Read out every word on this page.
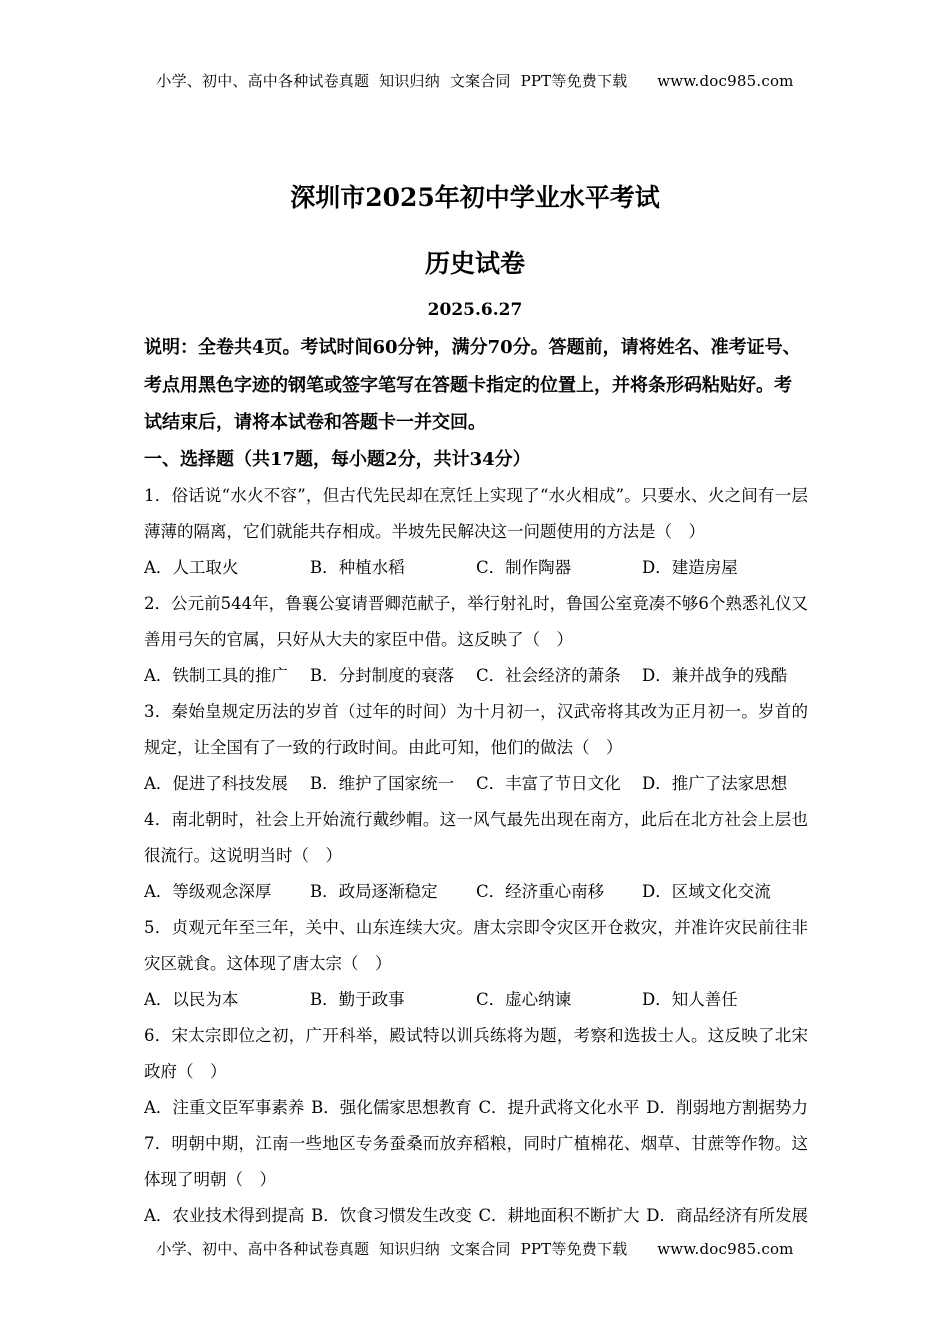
小学、初中、高中各种试卷真题  知识归纳  文案合同  PPT等免费下载      www.doc985.com
深圳市2025年初中学业水平考试
历史试卷
2025.6.27
说明：全卷共4页。考试时间60分钟，满分70分。答题前，请将姓名、准考证号、考点用黑色字迹的钢笔或签字笔写在答题卡指定的位置上，并将条形码粘贴好。考试结束后，请将本试卷和答题卡一并交回。
一、选择题（共17题，每小题2分，共计34分）
1．俗话说“水火不容”，但古代先民却在烹饪上实现了“水火相成”。只要水、火之间有一层薄薄的隔离，它们就能共存相成。半坡先民解决这一问题使用的方法是（　）
A．人工取火	B．种植水稻	C．制作陶器	D．建造房屋
2．公元前544年，鲁襄公宴请晋卿范献子，举行射礼时，鲁国公室竟凑不够6个熟悉礼仪又善用弓矢的官属，只好从大夫的家臣中借。这反映了（　）
A．铁制工具的推广	B．分封制度的衰落	C．社会经济的萧条	D．兼并战争的残酷
3．秦始皇规定历法的岁首（过年的时间）为十月初一，汉武帝将其改为正月初一。岁首的规定，让全国有了一致的行政时间。由此可知，他们的做法（　）
A．促进了科技发展	B．维护了国家统一	C．丰富了节日文化	D．推广了法家思想
4．南北朝时，社会上开始流行戴纱帽。这一风气最先出现在南方，此后在北方社会上层也很流行。这说明当时（　）
A．等级观念深厚	B．政局逐渐稳定	C．经济重心南移	D．区域文化交流
5．贞观元年至三年，关中、山东连续大灾。唐太宗即令灾区开仓救灾，并准许灾民前往非灾区就食。这体现了唐太宗（　）
A．以民为本	B．勤于政事	C．虚心纳谏	D．知人善任
6．宋太宗即位之初，广开科举，殿试特以训兵练将为题，考察和选拔士人。这反映了北宋政府（　）
A．注重文臣军事素养 B．强化儒家思想教育 C．提升武将文化水平 D．削弱地方割据势力
7．明朝中期，江南一些地区专务蚕桑而放弃稻粮，同时广植棉花、烟草、甘蔗等作物。这体现了明朝（　）
A．农业技术得到提高 B．饮食习惯发生改变 C．耕地面积不断扩大 D．商品经济有所发展
小学、初中、高中各种试卷真题  知识归纳  文案合同  PPT等免费下载      www.doc985.com
